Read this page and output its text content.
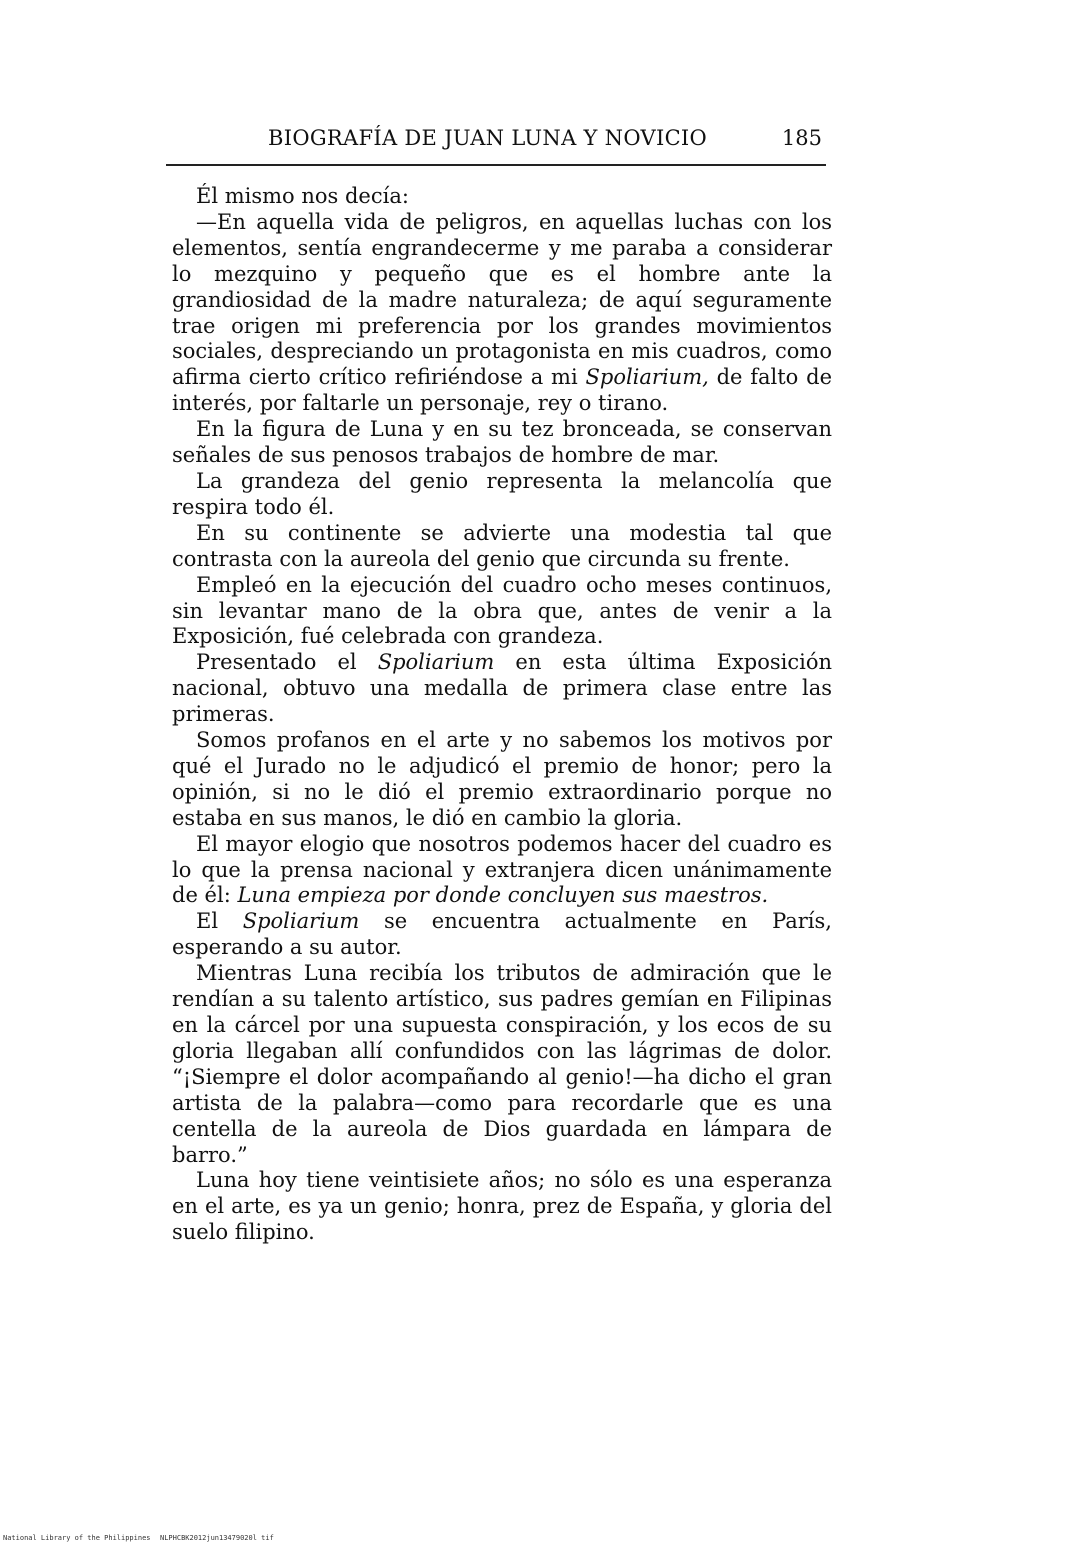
BIOGRAFÍA DE JUAN LUNA Y NOVICIO	185

Él mismo nos decía:

—En aquella vida de peligros, en aquellas luchas con los elementos, sentía engrandecerme y me paraba a considerar lo mezquino y pequeño que es el hombre ante la grandiosidad de la madre naturaleza; de aquí seguramente trae origen mi preferencia por los grandes movimientos sociales, despreciando un protagonista en mis cuadros, como afirma cierto crítico refiriéndose a mi Spoliarium, de falto de interés, por faltarle un personaje, rey o tirano.

En la figura de Luna y en su tez bronceada, se conservan señales de sus penosos trabajos de hombre de mar.

La grandeza del genio representa la melancolía que respira todo él.

En su continente se advierte una modestia tal que contrasta con la aureola del genio que circunda su frente.

Empleó en la ejecución del cuadro ocho meses continuos, sin levantar mano de la obra que, antes de venir a la Exposición, fué celebrada con grandeza.

Presentado el Spoliarium en esta última Exposición nacional, obtuvo una medalla de primera clase entre las primeras.

Somos profanos en el arte y no sabemos los motivos por qué el Jurado no le adjudicó el premio de honor; pero la opinión, si no le dió el premio extraordinario porque no estaba en sus manos, le dió en cambio la gloria.

El mayor elogio que nosotros podemos hacer del cuadro es lo que la prensa nacional y extranjera dicen unánimamente de él: Luna empieza por donde concluyen sus maestros.

El Spoliarium se encuentra actualmente en París, esperando a su autor.

Mientras Luna recibía los tributos de admiración que le rendían a su talento artístico, sus padres gemían en Filipinas en la cárcel por una supuesta conspiración, y los ecos de su gloria llegaban allí confundidos con las lágrimas de dolor. “¡Siempre el dolor acompañando al genio!—ha dicho el gran artista de la palabra—como para recordarle que es una centella de la aureola de Dios guardada en lámpara de barro.”

Luna hoy tiene veintisiete años; no sólo es una esperanza en el arte, es ya un genio; honra, prez de España, y gloria del suelo filipino.

National Library of the Philippines NLPHCBK2012jun13479020l tif
